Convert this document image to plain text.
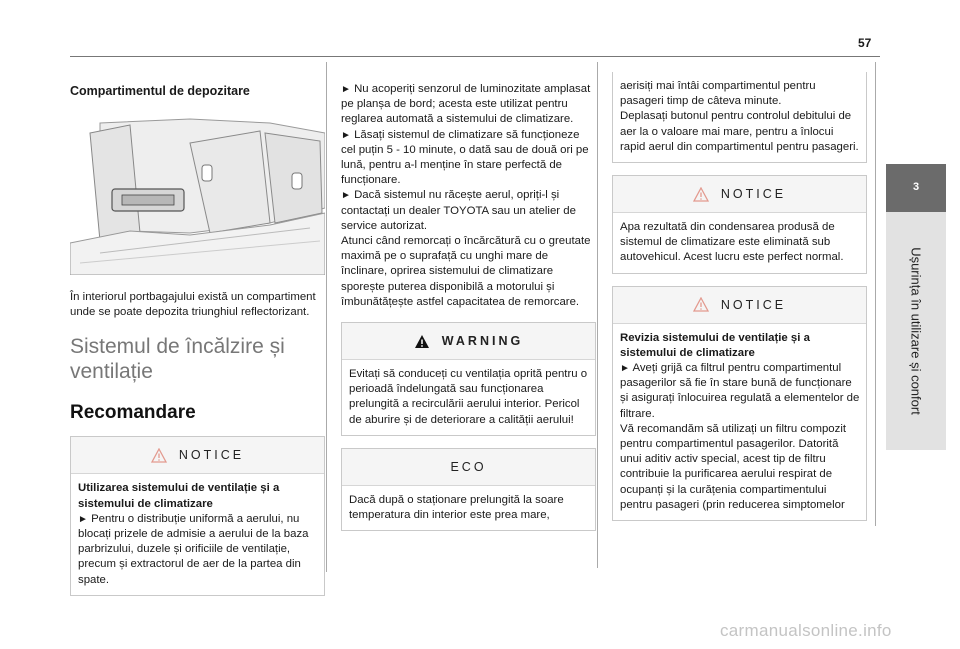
57
3
Ușurința în utilizare și confort

Compartimentul de depozitare

În interiorul portbagajului există un compartiment unde se poate depozita triunghiul reflectorizant.

Sistemul de încălzire și

ventilație

Recomandare

NOTICE

Utilizarea sistemului de ventilație și a

sistemului de climatizare

► Pentru o distribuție uniformă a aerului, nu blocați prizele de admisie a aerului de la baza parbrizului, duzele și orificiile de ventilație, precum și extractorul de aer de la partea din spate.

► Nu acoperiți senzorul de luminozitate amplasat pe planșa de bord; acesta este utilizat pentru reglarea automată a sistemului de climatizare.

► Lăsați sistemul de climatizare să funcționeze cel puțin 5 - 10 minute, o dată sau de două ori pe lună, pentru a-l menține în stare perfectă de funcționare.

► Dacă sistemul nu răcește aerul, opriți-l și contactați un dealer TOYOTA sau un atelier de service autorizat.

Atunci când remorcați o încărcătură cu o greutate maximă pe o suprafață cu unghi mare de înclinare, oprirea sistemului de climatizare sporește puterea disponibilă a motorului și îmbunătățește astfel capacitatea de remorcare.

WARNING

Evitați să conduceți cu ventilația oprită pentru o perioadă îndelungată sau funcționarea prelungită a recirculării aerului interior. Pericol de aburire și de deteriorare a calității aerului!

ECO

Dacă după o staționare prelungită la soare temperatura din interior este prea mare,

aerisiți mai întâi compartimentul pentru pasageri timp de câteva minute.

Deplasați butonul pentru controlul debitului de aer la o valoare mai mare, pentru a înlocui rapid aerul din compartimentul pentru pasageri.

NOTICE

Apa rezultată din condensarea produsă de sistemul de climatizare este eliminată sub autovehicul. Acest lucru este perfect normal.

NOTICE

Revizia sistemului de ventilație și a

sistemului de climatizare

► Aveți grijă ca filtrul pentru compartimentul pasagerilor să fie în stare bună de funcționare și asigurați înlocuirea regulată a elementelor de filtrare.

Vă recomandăm să utilizați un filtru compozit pentru compartimentul pasagerilor. Datorită unui aditiv activ special, acest tip de filtru contribuie la purificarea aerului respirat de ocupanți și la curățenia compartimentului pentru pasageri (prin reducerea simptomelor

carmanualsonline.info
